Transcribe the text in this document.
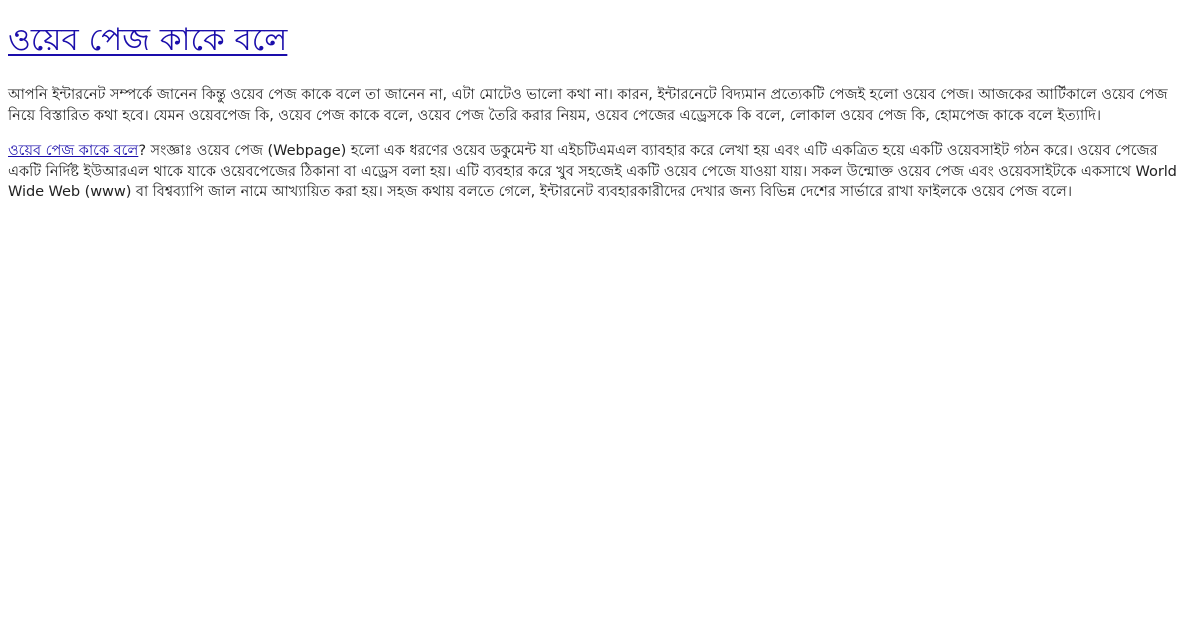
ওয়েব পেজ কাকে বলে

আপনি ইন্টারনেট সম্পর্কে জানেন কিন্তু ওয়েব পেজ কাকে বলে তা জানেন না, এটা মোটেও ভালো কথা না। কারন, ইন্টারনেটে বিদ্যমান প্রত্যেকটি পেজই হলো ওয়েব পেজ। আজকের আর্টিকালে ওয়েব পেজ নিয়ে বিস্তারিত কথা হবে। যেমন ওয়েবপেজ কি, ওয়েব পেজ কাকে বলে, ওয়েব পেজ তৈরি করার নিয়ম, ওয়েব পেজের এড্রেসকে কি বলে, লোকাল ওয়েব পেজ কি, হোমপেজ কাকে বলে ইত্যাদি।

ওয়েব পেজ কাকে বলে? সংজ্ঞাঃ ওয়েব পেজ (Webpage) হলো এক ধরণের ওয়েব ডকুমেন্ট যা এইচটিএমএল ব্যাবহার করে লেখা হয় এবং এটি একত্রিত হয়ে একটি ওয়েবসাইট গঠন করে। ওয়েব পেজের একটি নির্দিষ্ট ইউআরএল থাকে যাকে ওয়েবপেজের ঠিকানা বা এড্রেস বলা হয়। এটি ব্যবহার করে খুব সহজেই একটি ওয়েব পেজে যাওয়া যায়। সকল উন্মোক্ত ওয়েব পেজ এবং ওয়েবসাইটকে একসাথে World Wide Web (www) বা বিশ্বব্যাপি জাল নামে আখ্যায়িত করা হয়। সহজ কথায় বলতে গেলে, ইন্টারনেট ব্যবহারকারীদের দেখার জন্য বিভিন্ন দেশের সার্ভারে রাখা ফাইলকে ওয়েব পেজ বলে।
